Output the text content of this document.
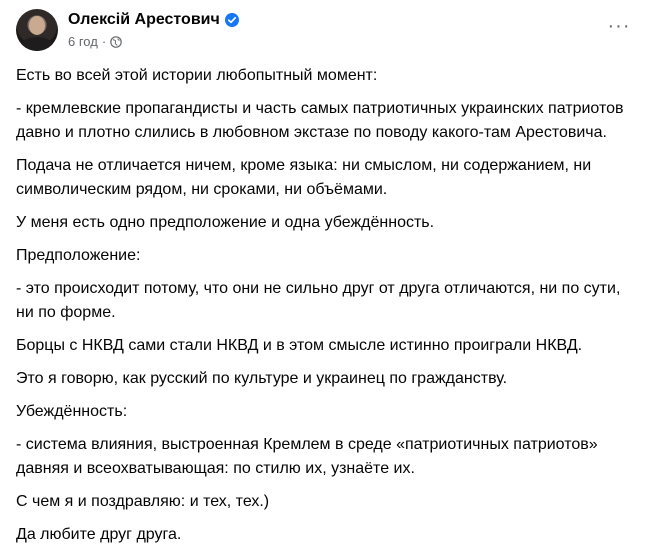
Олексій Арестович
6 год ·
···

Есть во всей этой истории любопытный момент:

- кремлевские пропагандисты и часть самых патриотичных украинских патриотов давно и плотно слились в любовном экстазе по поводу какого-там Арестовича.

Подача не отличается ничем, кроме языка: ни смыслом, ни содержанием, ни символическим рядом, ни сроками, ни объёмами.

У меня есть одно предположение и одна убеждённость.

Предположение:

- это происходит потому, что они не сильно друг от друга отличаются, ни по сути, ни по форме.

Борцы с НКВД сами стали НКВД и в этом смысле истинно проиграли НКВД.

Это я говорю, как русский по культуре и украинец по гражданству.

Убеждённость:

- система влияния, выстроенная Кремлем в среде «патриотичных патриотов» давняя и всеохватывающая: по стилю их, узнаёте их.

С чем я и поздравляю: и тех, тех.)

Да любите друг друга.
